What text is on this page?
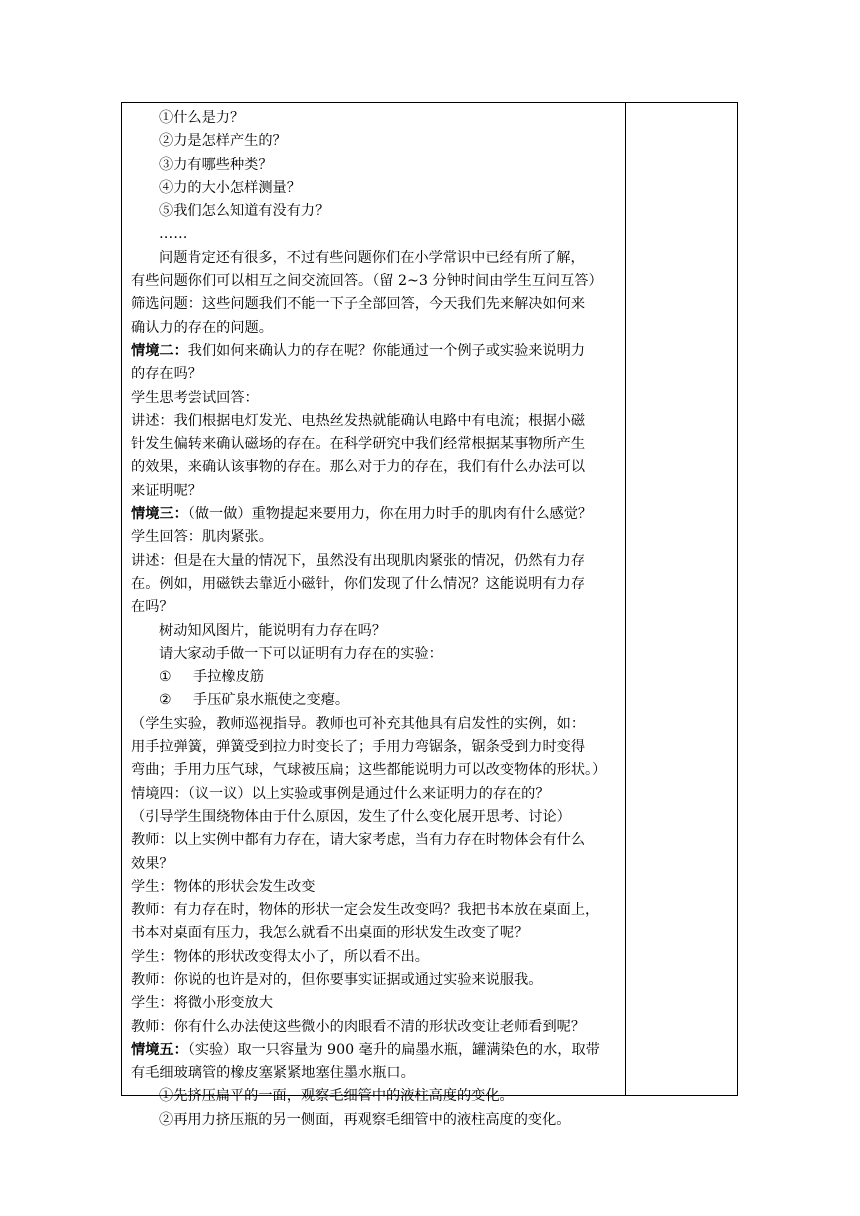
①什么是力？
②力是怎样产生的？
③力有哪些种类？
④力的大小怎样测量？
⑤我们怎么知道有没有力？
……
问题肯定还有很多，不过有些问题你们在小学常识中已经有所了解，
有些问题你们可以相互之间交流回答。（留 2~3 分钟时间由学生互问互答）
筛选问题：这些问题我们不能一下子全部回答，今天我们先来解决如何来
确认力的存在的问题。
情境二：我们如何来确认力的存在呢？你能通过一个例子或实验来说明力
的存在吗？
学生思考尝试回答：
讲述：我们根据电灯发光、电热丝发热就能确认电路中有电流；根据小磁
针发生偏转来确认磁场的存在。在科学研究中我们经常根据某事物所产生
的效果，来确认该事物的存在。那么对于力的存在，我们有什么办法可以
来证明呢？
情境三：（做一做）重物提起来要用力，你在用力时手的肌肉有什么感觉？
学生回答：肌肉紧张。
讲述：但是在大量的情况下，虽然没有出现肌肉紧张的情况，仍然有力存
在。例如，用磁铁去靠近小磁针，你们发现了什么情况？这能说明有力存
在吗？
树动知风图片，能说明有力存在吗？
请大家动手做一下可以证明有力存在的实验：
① 手拉橡皮筋
② 手压矿泉水瓶使之变瘪。
（学生实验，教师巡视指导。教师也可补充其他具有启发性的实例，如：
用手拉弹簧，弹簧受到拉力时变长了；手用力弯锯条，锯条受到力时变得
弯曲；手用力压气球，气球被压扁；这些都能说明力可以改变物体的形状。）
情境四：（议一议）以上实验或事例是通过什么来证明力的存在的？
（引导学生围绕物体由于什么原因，发生了什么变化展开思考、讨论）
教师：以上实例中都有力存在，请大家考虑，当有力存在时物体会有什么
效果？
学生：物体的形状会发生改变
教师：有力存在时，物体的形状一定会发生改变吗？我把书本放在桌面上，
书本对桌面有压力，我怎么就看不出桌面的形状发生改变了呢？
学生：物体的形状改变得太小了，所以看不出。
教师：你说的也许是对的，但你要事实证据或通过实验来说服我。
学生：将微小形变放大
教师：你有什么办法使这些微小的肉眼看不清的形状改变让老师看到呢？
情境五：（实验）取一只容量为 900 毫升的扁墨水瓶，罐满染色的水，取带
有毛细玻璃管的橡皮塞紧紧地塞住墨水瓶口。
①先挤压扁平的一面，观察毛细管中的液柱高度的变化。
②再用力挤压瓶的另一侧面，再观察毛细管中的液柱高度的变化。
